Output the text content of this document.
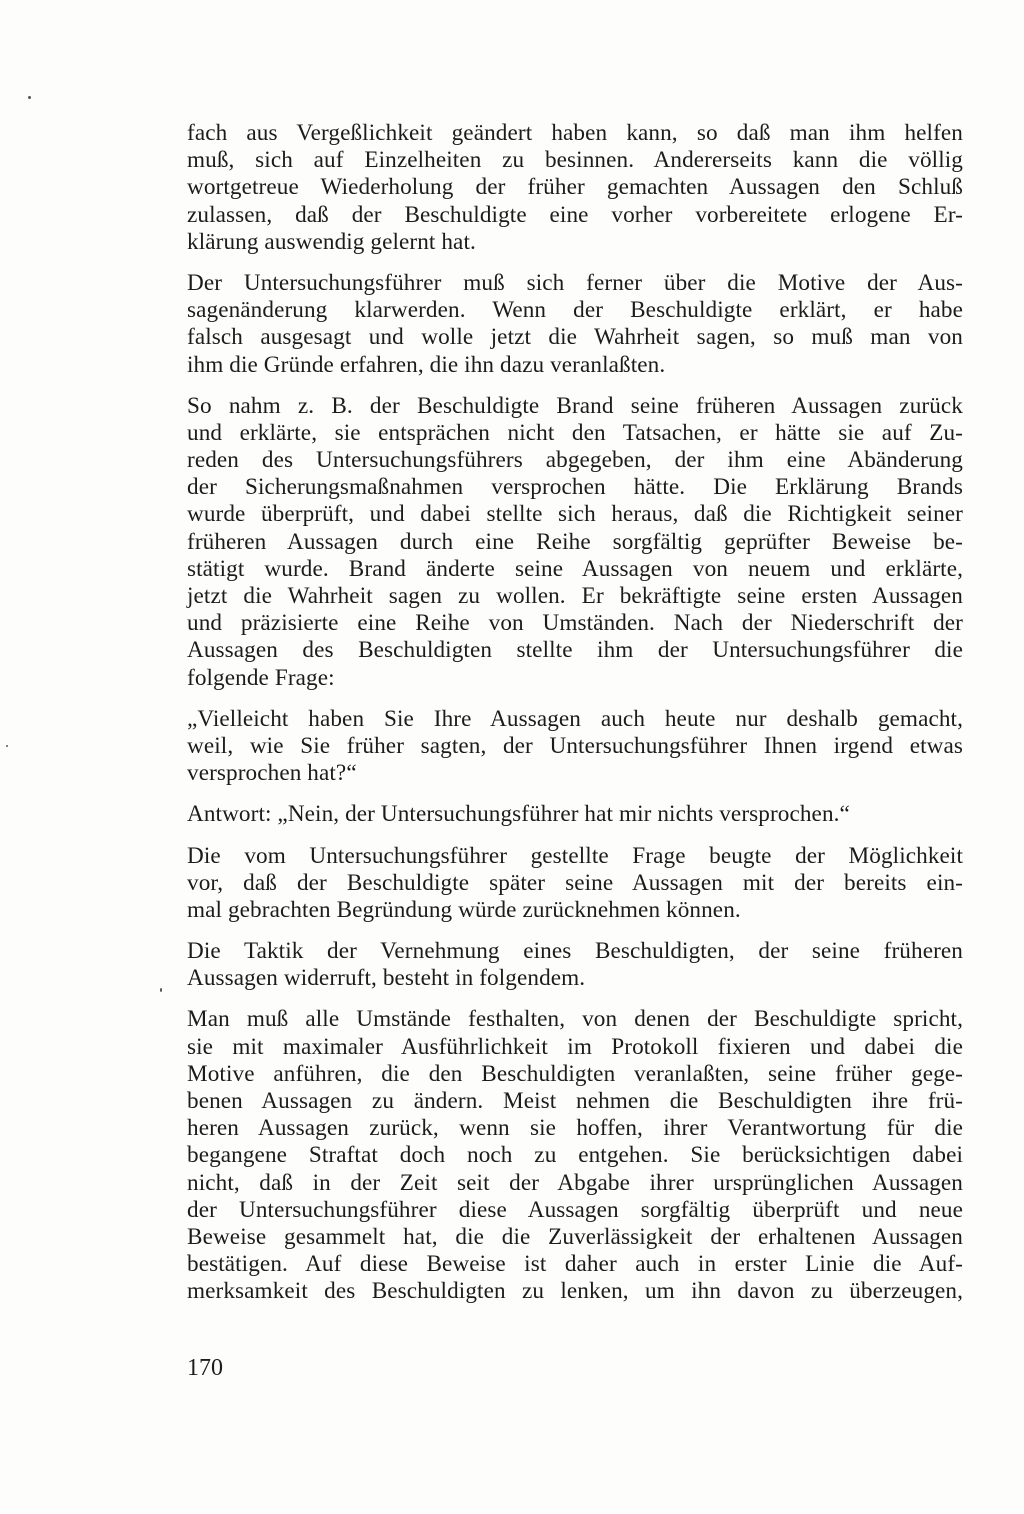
fach aus Vergeßlichkeit geändert haben kann, so daß man ihm helfen
muß, sich auf Einzelheiten zu besinnen. Andererseits kann die völlig
wortgetreue Wiederholung der früher gemachten Aussagen den Schluß
zulassen, daß der Beschuldigte eine vorher vorbereitete erlogene Er-
klärung auswendig gelernt hat.
Der Untersuchungsführer muß sich ferner über die Motive der Aus-
sagenänderung klarwerden. Wenn der Beschuldigte erklärt, er habe
falsch ausgesagt und wolle jetzt die Wahrheit sagen, so muß man von
ihm die Gründe erfahren, die ihn dazu veranlaßten.
So nahm z. B. der Beschuldigte Brand seine früheren Aussagen zurück
und erklärte, sie entsprächen nicht den Tatsachen, er hätte sie auf Zu-
reden des Untersuchungsführers abgegeben, der ihm eine Abänderung
der Sicherungsmaßnahmen versprochen hätte. Die Erklärung Brands
wurde überprüft, und dabei stellte sich heraus, daß die Richtigkeit seiner
früheren Aussagen durch eine Reihe sorgfältig geprüfter Beweise be-
stätigt wurde. Brand änderte seine Aussagen von neuem und erklärte,
jetzt die Wahrheit sagen zu wollen. Er bekräftigte seine ersten Aussagen
und präzisierte eine Reihe von Umständen. Nach der Niederschrift der
Aussagen des Beschuldigten stellte ihm der Untersuchungsführer die
folgende Frage:
„Vielleicht haben Sie Ihre Aussagen auch heute nur deshalb gemacht,
weil, wie Sie früher sagten, der Untersuchungsführer Ihnen irgend etwas
versprochen hat?“
Antwort: „Nein, der Untersuchungsführer hat mir nichts versprochen.“
Die vom Untersuchungsführer gestellte Frage beugte der Möglichkeit
vor, daß der Beschuldigte später seine Aussagen mit der bereits ein-
mal gebrachten Begründung würde zurücknehmen können.
Die Taktik der Vernehmung eines Beschuldigten, der seine früheren
Aussagen widerruft, besteht in folgendem.
Man muß alle Umstände festhalten, von denen der Beschuldigte spricht,
sie mit maximaler Ausführlichkeit im Protokoll fixieren und dabei die
Motive anführen, die den Beschuldigten veranlaßten, seine früher gege-
benen Aussagen zu ändern. Meist nehmen die Beschuldigten ihre frü-
heren Aussagen zurück, wenn sie hoffen, ihrer Verantwortung für die
begangene Straftat doch noch zu entgehen. Sie berücksichtigen dabei
nicht, daß in der Zeit seit der Abgabe ihrer ursprünglichen Aussagen
der Untersuchungsführer diese Aussagen sorgfältig überprüft und neue
Beweise gesammelt hat, die die Zuverlässigkeit der erhaltenen Aussagen
bestätigen. Auf diese Beweise ist daher auch in erster Linie die Auf-
merksamkeit des Beschuldigten zu lenken, um ihn davon zu überzeugen,
170
